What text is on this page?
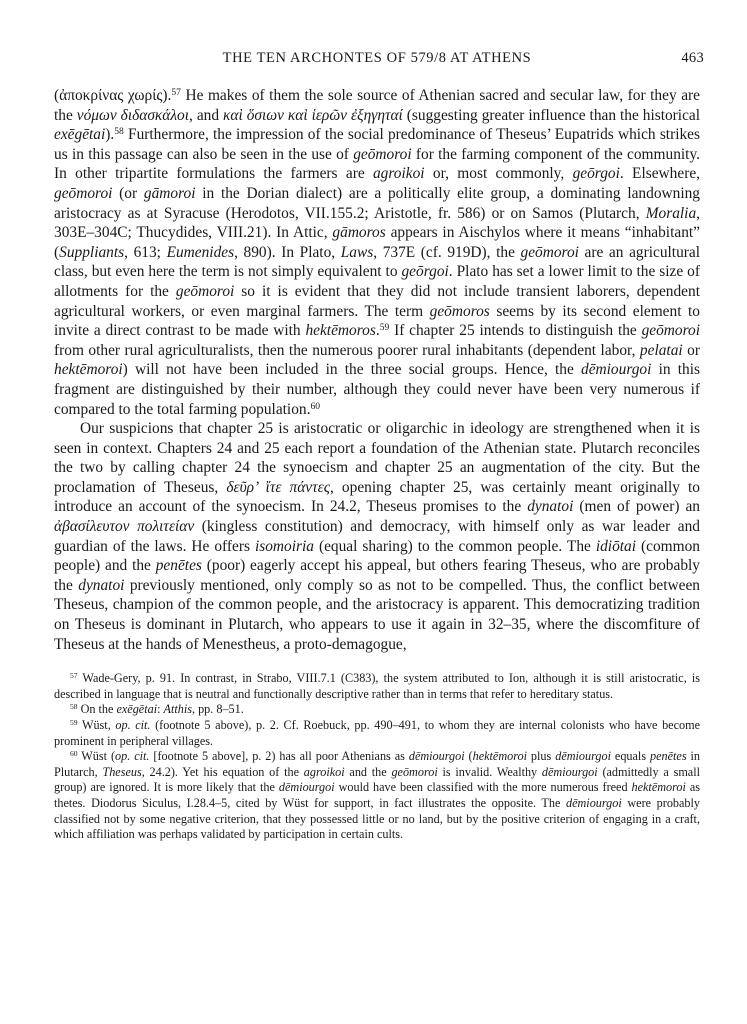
THE TEN ARCHONTES OF 579/8 AT ATHENS	463

(ἀποκρίνας χωρίς).$^{57}$ He makes of them the sole source of Athenian sacred and secular law, for they are the νόμων διδασκάλοι, and καὶ ὅσιων καὶ ἱερῶν ἐξηγηταί (suggesting greater influence than the historical exēgētai).$^{58}$ Furthermore, the impression of the social predominance of Theseus’ Eupatrids which strikes us in this passage can also be seen in the use of geōmoroi for the farming component of the community. In other tripartite formulations the farmers are agroikoi or, most commonly, geōrgoi. Elsewhere, geōmoroi (or gāmoroi in the Dorian dialect) are a politically elite group, a dominating landowning aristocracy as at Syracuse (Herodotos, VII.155.2; Aristotle, fr. 586) or on Samos (Plutarch, Moralia, 303E–304C; Thucydides, VIII.21). In Attic, gāmoros appears in Aischylos where it means “inhabitant” (Suppliants, 613; Eumenides, 890). In Plato, Laws, 737E (cf. 919D), the geōmoroi are an agricultural class, but even here the term is not simply equivalent to geōrgoi. Plato has set a lower limit to the size of allotments for the geōmoroi so it is evident that they did not include transient laborers, dependent agricultural workers, or even marginal farmers. The term geōmoros seems by its second element to invite a direct contrast to be made with hektēmoros.$^{59}$ If chapter 25 intends to distinguish the geōmoroi from other rural agriculturalists, then the numerous poorer rural inhabitants (dependent labor, pelatai or hektēmoroi) will not have been included in the three social groups. Hence, the dēmiourgoi in this fragment are distinguished by their number, although they could never have been very numerous if compared to the total farming population.$^{60}$

Our suspicions that chapter 25 is aristocratic or oligarchic in ideology are strengthened when it is seen in context. Chapters 24 and 25 each report a foundation of the Athenian state. Plutarch reconciles the two by calling chapter 24 the synoecism and chapter 25 an augmentation of the city. But the proclamation of Theseus, δεῦρ’ ἴτε πάντες, opening chapter 25, was certainly meant originally to introduce an account of the synoecism. In 24.2, Theseus promises to the dynatoi (men of power) an ἀβασίλευτον πολιτείαν (kingless constitution) and democracy, with himself only as war leader and guardian of the laws. He offers isomoiria (equal sharing) to the common people. The idiōtai (common people) and the penētes (poor) eagerly accept his appeal, but others fearing Theseus, who are probably the dynatoi previously mentioned, only comply so as not to be compelled. Thus, the conflict between Theseus, champion of the common people, and the aristocracy is apparent. This democratizing tradition on Theseus is dominant in Plutarch, who appears to use it again in 32–35, where the discomfiture of Theseus at the hands of Menestheus, a proto-demagogue,

$^{57}$ Wade-Gery, p. 91. In contrast, in Strabo, VIII.7.1 (C383), the system attributed to Ion, although it is still aristocratic, is described in language that is neutral and functionally descriptive rather than in terms that refer to hereditary status.

$^{58}$ On the exēgētai: Atthis, pp. 8–51.

$^{59}$ Wüst, op. cit. (footnote 5 above), p. 2. Cf. Roebuck, pp. 490–491, to whom they are internal colonists who have become prominent in peripheral villages.

$^{60}$ Wüst (op. cit. [footnote 5 above], p. 2) has all poor Athenians as dēmiourgoi (hektēmoroi plus dēmiourgoi equals penētes in Plutarch, Theseus, 24.2). Yet his equation of the agroikoi and the geōmoroi is invalid. Wealthy dēmiourgoi (admittedly a small group) are ignored. It is more likely that the dēmiourgoi would have been classified with the more numerous freed hektēmoroi as thetes. Diodorus Siculus, I.28.4–5, cited by Wüst for support, in fact illustrates the opposite. The dēmiourgoi were probably classified not by some negative criterion, that they possessed little or no land, but by the positive criterion of engaging in a craft, which affiliation was perhaps validated by participation in certain cults.
